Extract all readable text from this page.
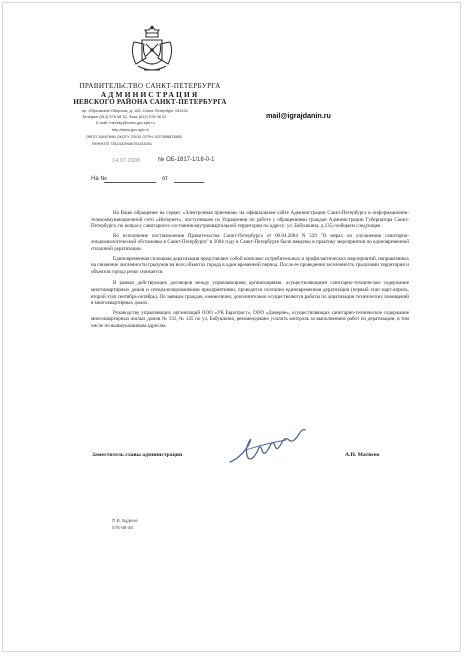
ПРАВИТЕЛЬСТВО САНКТ-ПЕТЕРБУРГА
АДМИНИСТРАЦИЯ
НЕВСКОГО РАЙОНА САНКТ-ПЕТЕРБУРГА
пр. Обуховской Обороны, д. 163, Санкт-Петербург, 192131
Телефон (812) 576 98 32, Факс (812) 576 08 31
E-mail: rnevsky@tunev.gov.spb.ru
http://www.gov.spb.ru
ОКПО 35497696 ОКОГУ 23010 ОГРН 1027806878852
ИНН/КПП 7811022968/781101001
mail@igrajdanin.ru
14.07.2008	№ ОБ-1817-1/18-0-1
На №	от

На Ваше обращение на сервис «Электронная приемная» на официальном сайте Администрации Санкт-Петербурга в информационно-телекоммуникационной сети «Интернет», поступившее из Управления по работе с обращениями граждан Администрации Губернатора Санкт-Петербурга, по вопросу санитарного состояния внутриквартальной территории по адресу: ул. Бабушкина, д.135,сообщаем следующее.

Во исполнение постановления Правительства Санкт-Петербурга от 06.04.2004 N 529 "О мерах по улучшению санитарно-эпидемиологической обстановки в Санкт-Петербурге" в 2004 году в Санкт-Петербурге были введены в практику мероприятия по единовременной сплошной дератизации.

Единовременная сплошная дератизация представляет собой комплекс истребительных и профилактических мероприятий, направленных на снижение численности грызунов на всех объектах города в один временной период. После ее проведения заселенность грызунами территории и объектов города резко снижается.

В рамках действующих договоров между управляющими организациями, осуществляющими санитарно-техническое содержание многоквартирных домов и специализированными предприятиями, проводится поэтапно единовременная дератизация (первый этап март-апрель, второй этап сентябрь-октябрь). По заявкам граждан, ежемесячно, дополнительно осуществляются работы по дератизации технических помещений в многоквартирных домах.

Руководству управляющих организаций ООО «УК Евротраст», ООО «Доверие», осуществляющих санитарно-техническое содержание многоквартирных жилых домов № 131, № 135 по ул. Бабушкина, рекомендовано усилить контроль за выполнением работ по дератизации, в том числе по вышеуказанным адресам.

Заместитель главы администрации	А.Н. Матвеев
П.В. Будина
576-98-48
